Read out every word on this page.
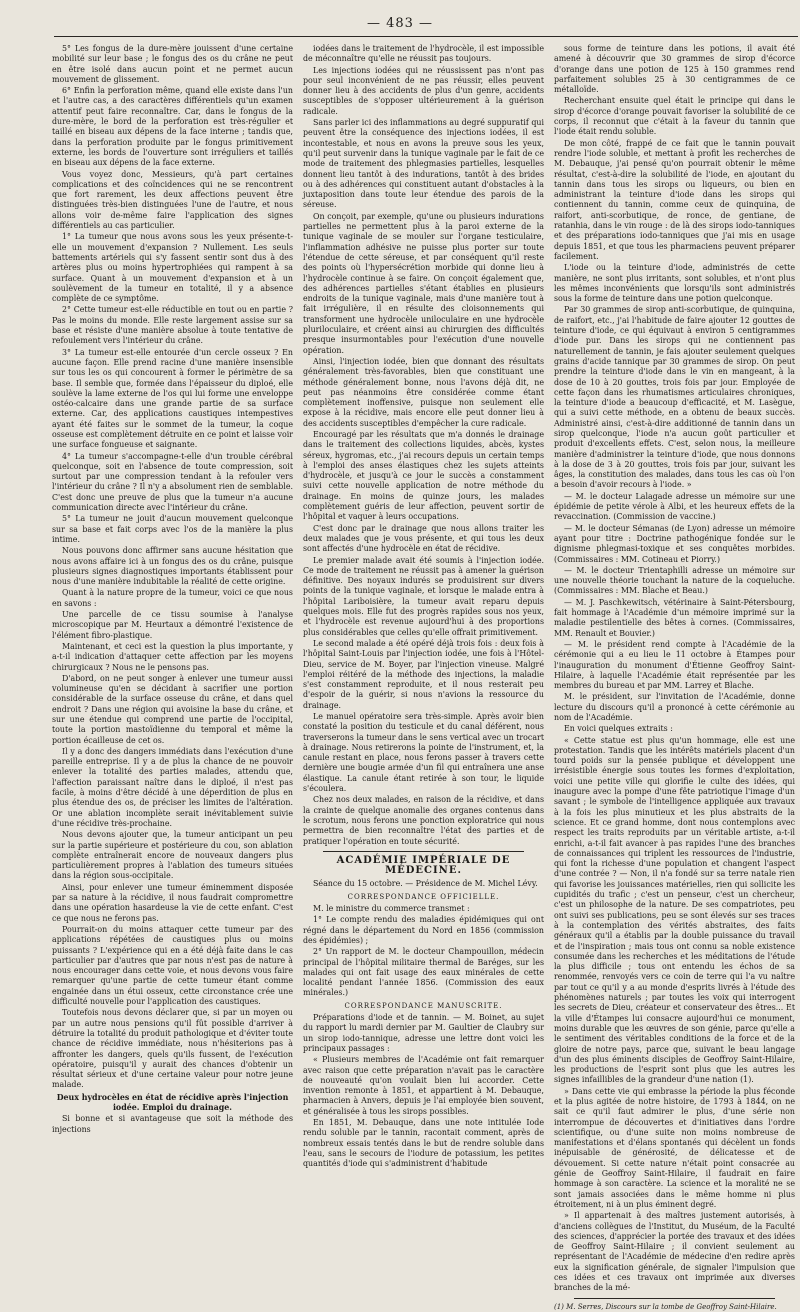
— 483 —

5° Les fongus de la dure-mère jouissent d'une certaine mobilité sur leur base ; le fongus des os du crâne ne peut en être isolé dans aucun point et ne permet aucun mouvement de glissement.

6° Enfin la perforation même, quand elle existe dans l'un et l'autre cas, a des caractères différentiels qu'un examen attentif peut faire reconnaître. Car, dans le fongus de la dure-mère, le bord de la perforation est très-régulier et taillé en biseau aux dépens de la face interne ; tandis que, dans la perforation produite par le fongus primitivement externe, les bords de l'ouverture sont irréguliers et taillés en biseau aux dépens de la face externe.

Vous voyez donc, Messieurs, qu'à part certaines complications et des coïncidences qui ne se rencontrent que fort rarement, les deux affections peuvent être distinguées très-bien distinguées l'une de l'autre, et nous allons voir de-même faire l'application des signes différentiels au cas particulier.

1° La tumeur que nous avons sous les yeux présente-t-elle un mouvement d'expansion ? Nullement. Les seuls battements artériels qui s'y fassent sentir sont dus à des artères plus ou moins hypertrophiées qui rampent à sa surface. Quant à un mouvement d'expansion et à un soulèvement de la tumeur en totalité, il y a absence complète de ce symptôme.

2° Cette tumeur est-elle réductible en tout ou en partie ? Pas le moins du monde. Elle reste largement assise sur sa base et résiste d'une manière absolue à toute tentative de refoulement vers l'intérieur du crâne.

3° La tumeur est-elle entourée d'un cercle osseux ? En aucune façon. Elle prend racine d'une manière insensible sur tous les os qui concourent à former le périmètre de sa base. Il semble que, formée dans l'épaisseur du diploé, elle soulève la lame externe de l'os qui lui forme une enveloppe ostéo-calcaire dans une grande partie de sa surface externe. Car, des applications caustiques intempestives ayant été faites sur le sommet de la tumeur, la coque osseuse est complètement détruite en ce point et laisse voir une surface fongueuse et saignante.

4° La tumeur s'accompagne-t-elle d'un trouble cérébral quelconque, soit en l'absence de toute compression, soit surtout par une compression tendant à la refouler vers l'intérieur du crâne ? Il n'y a absolument rien de semblable. C'est donc une preuve de plus que la tumeur n'a aucune communication directe avec l'intérieur du crâne.

5° La tumeur ne jouit d'aucun mouvement quelconque sur sa base et fait corps avec l'os de la manière la plus intime.

Nous pouvons donc affirmer sans aucune hésitation que nous avons affaire ici à un fongus des os du crâne, puisque plusieurs signes diagnostiques importants établissent pour nous d'une manière indubitable la réalité de cette origine.

Quant à la nature propre de la tumeur, voici ce que nous en savons :

Une parcelle de ce tissu soumise à l'analyse microscopique par M. Heurtaux a démontré l'existence de l'élément fibro-plastique.

Maintenant, et ceci est la question la plus importante, y a-t-il indication d'attaquer cette affection par les moyens chirurgicaux ? Nous ne le pensons pas.

D'abord, on ne peut songer à enlever une tumeur aussi volumineuse qu'en se décidant à sacrifier une portion considérable de la surface osseuse du crâne, et dans quel endroit ? Dans une région qui avoisine la base du crâne, et sur une étendue qui comprend une partie de l'occipital, toute la portion mastoïdienne du temporal et même la portion écailleuse de cet os.

Il y a donc des dangers immédiats dans l'exécution d'une pareille entreprise. Il y a de plus la chance de ne pouvoir enlever la totalité des parties malades, attendu que, l'affection paraissant naître dans le diploé, il n'est pas facile, à moins d'être décidé à une déperdition de plus en plus étendue des os, de préciser les limites de l'altération. Or une ablation incomplète serait inévitablement suivie d'une récidive très-prochaine.

Nous devons ajouter que, la tumeur anticipant un peu sur la partie supérieure et postérieure du cou, son ablation complète entraînerait encore de nouveaux dangers plus particulièrement propres à l'ablation des tumeurs situées dans la région sous-occipitale.

Ainsi, pour enlever une tumeur éminemment disposée par sa nature à la récidive, il nous faudrait compromettre dans une opération hasardeuse la vie de cette enfant. C'est ce que nous ne ferons pas.

Pourrait-on du moins attaquer cette tumeur par des applications répétées de caustiques plus ou moins puissants ? L'expérience qui en a été déjà faite dans le cas particulier par d'autres que par nous n'est pas de nature à nous encourager dans cette voie, et nous devons vous faire remarquer qu'une partie de cette tumeur étant comme engainée dans un étui osseux, cette circonstance crée une difficulté nouvelle pour l'application des caustiques.

Toutefois nous devons déclarer que, si par un moyen ou par un autre nous pensions qu'il fût possible d'arriver à détruire la totalité du produit pathologique et d'éviter toute chance de récidive immédiate, nous n'hésiterions pas à affronter les dangers, quels qu'ils fussent, de l'exécution opératoire, puisqu'il y aurait des chances d'obtenir un résultat sérieux et d'une certaine valeur pour notre jeune malade.

Deux hydrocèles en état de récidive après l'injection iodée. Emploi du drainage.

Si bonne et si avantageuse que soit la méthode des injections

iodées dans le traitement de l'hydrocèle, il est impossible de méconnaître qu'elle ne réussit pas toujours.

Les injections iodées qui ne réussissent pas n'ont pas pour seul inconvénient de ne pas réussir, elles peuvent donner lieu à des accidents de plus d'un genre, accidents susceptibles de s'opposer ultérieurement à la guérison radicale.

Sans parler ici des inflammations au degré suppuratif qui peuvent être la conséquence des injections iodées, il est incontestable, et nous en avons la preuve sous les yeux, qu'il peut survenir dans la tunique vaginale par le fait de ce mode de traitement des phlegmasies partielles, lesquelles donnent lieu tantôt à des indurations, tantôt à des brides ou à des adhérences qui constituent autant d'obstacles à la juxtaposition dans toute leur étendue des parois de la séreuse.

On conçoit, par exemple, qu'une ou plusieurs indurations partielles ne permettent plus à la paroi externe de la tunique vaginale de se mouler sur l'organe testiculaire, l'inflammation adhésive ne puisse plus porter sur toute l'étendue de cette séreuse, et par conséquent qu'il reste des points où l'hypersécrétion morbide qui donne lieu à l'hydrocèle continue à se faire. On conçoit également que, des adhérences partielles s'étant établies en plusieurs endroits de la tunique vaginale, mais d'une manière tout à fait irrégulière, il en résulte des cloisonnements qui transforment une hydrocèle uniloculaire en une hydrocèle pluriloculaire, et créent ainsi au chirurgien des difficultés presque insurmontables pour l'exécution d'une nouvelle opération.

Ainsi, l'injection iodée, bien que donnant des résultats généralement très-favorables, bien que constituant une méthode généralement bonne, nous l'avons déjà dit, ne peut pas néanmoins être considérée comme étant complètement inoffensive, puisque non seulement elle expose à la récidive, mais encore elle peut donner lieu à des accidents susceptibles d'empêcher la cure radicale.

Encouragé par les résultats que m'a donnés le drainage dans le traitement des collections liquides, abcès, kystes séreux, hygromas, etc., j'ai recours depuis un certain temps à l'emploi des anses élastiques chez les sujets atteints d'hydrocèle, et jusqu'à ce jour le succès a constamment suivi cette nouvelle application de notre méthode du drainage. En moins de quinze jours, les malades complètement guéris de leur affection, peuvent sortir de l'hôpital et vaquer à leurs occupations.

C'est donc par le drainage que nous allons traiter les deux malades que je vous présente, et qui tous les deux sont affectés d'une hydrocèle en état de récidive.

Le premier malade avait été soumis à l'injection iodée. Ce mode de traitement ne réussit pas à amener la guérison définitive. Des noyaux indurés se produisirent sur divers points de la tunique vaginale, et lorsque le malade entra à l'hôpital Lariboisière, la tumeur avait reparu depuis quelques mois. Elle fut des progrès rapides sous nos yeux, et l'hydrocèle est revenue aujourd'hui à des proportions plus considérables que celles qu'elle offrait primitivement.

Le second malade a été opéré déjà trois fois : deux fois à l'hôpital Saint-Louis par l'injection iodée, une fois à l'Hôtel-Dieu, service de M. Boyer, par l'injection vineuse. Malgré l'emploi réitéré de la méthode des injections, la maladie s'est constamment reproduite, et il nous resterait peu d'espoir de la guérir, si nous n'avions la ressource du drainage.

Le manuel opératoire sera très-simple. Après avoir bien constaté la position du testicule et du canal déférent, nous traverserons la tumeur dans le sens vertical avec un trocart à drainage. Nous retirerons la pointe de l'instrument, et, la canule restant en place, nous ferons passer à travers cette dernière une bougie armée d'un fil qui entraînera une anse élastique. La canule étant retirée à son tour, le liquide s'écoulera.

Chez nos deux malades, en raison de la récidive, et dans la crainte de quelque anomalie des organes contenus dans le scrotum, nous ferons une ponction exploratrice qui nous permettra de bien reconnaître l'état des parties et de pratiquer l'opération en toute sécurité.

ACADÉMIE IMPÉRIALE DE MÉDECINE.

Séance du 15 octobre. — Présidence de M. Michel Lévy.

CORRESPONDANCE OFFICIELLE.

M. le ministre du commerce transmet :

1° Le compte rendu des maladies épidémiques qui ont régné dans le département du Nord en 1856 (commission des épidémies) ;

2° Un rapport de M. le docteur Champouillon, médecin principal de l'hôpital militaire thermal de Baréges, sur les malades qui ont fait usage des eaux minérales de cette localité pendant l'année 1856. (Commission des eaux minérales.)

CORRESPONDANCE MANUSCRITE.

Préparations d'iode et de tannin. — M. Boinet, au sujet du rapport lu mardi dernier par M. Gaultier de Claubry sur un sirop iodo-tannique, adresse une lettre dont voici les principaux passages :

« Plusieurs membres de l'Académie ont fait remarquer avec raison que cette préparation n'avait pas le caractère de nouveauté qu'on voulait bien lui accorder. Cette invention remonte à 1851, et appartient à M. Debauque, pharmacien à Anvers, depuis je l'ai employée bien souvent, et généralisée à tous les sirops possibles.

En 1851, M. Debauque, dans une note intitulée Iode rendu soluble par le tannin, racontait comment, après de nombreux essais tentés dans le but de rendre soluble dans l'eau, sans le secours de l'iodure de potassium, les petites quantités d'iode qui s'administrent d'habitude

sous forme de teinture dans les potions, il avait été amené à découvrir que 30 grammes de sirop d'écorce d'orange dans une potion de 125 à 150 grammes rend parfaitement solubles 25 à 30 centigrammes de ce métalloïde.

Recherchant ensuite quel était le principe qui dans le sirop d'écorce d'orange pouvait favoriser la solubilité de ce corps, il reconnut que c'était à la faveur du tannin que l'iode était rendu soluble.

De mon côté, frappé de ce fait que le tannin pouvait rendre l'iode soluble, et mettant à profit les recherches de M. Debauque, j'ai pensé qu'on pourrait obtenir le même résultat, c'est-à-dire la solubilité de l'iode, en ajoutant du tannin dans tous les sirops ou liqueurs, ou bien en administrant la teinture d'iode dans les sirops qui contiennent du tannin, comme ceux de quinquina, de raifort, anti-scorbutique, de ronce, de gentiane, de ratanhia, dans le vin rouge : de là des sirops iodo-tanniques et des préparations iodo-tanniques que j'ai mis en usage depuis 1851, et que tous les pharmaciens peuvent préparer facilement.

L'iode ou la teinture d'iode, administrés de cette manière, ne sont plus irritants, sont solubles, et n'ont plus les mêmes inconvénients que lorsqu'ils sont administrés sous la forme de teinture dans une potion quelconque.

Par 30 grammes de sirop anti-scorbutique, de quinquina, de raifort, etc., j'ai l'habitude de faire ajouter 12 gouttes de teinture d'iode, ce qui équivaut à environ 5 centigrammes d'iode pur. Dans les sirops qui ne contiennent pas naturellement de tannin, je fais ajouter seulement quelques grains d'acide tannique par 30 grammes de sirop. On peut prendre la teinture d'iode dans le vin en mangeant, à la dose de 10 à 20 gouttes, trois fois par jour. Employée de cette façon dans les rhumatismes articulaires chroniques, la teinture d'iode a beaucoup d'efficacité, et M. Lasègue, qui a suivi cette méthode, en a obtenu de beaux succès. Administré ainsi, c'est-à-dire additionné de tannin dans un sirop quelconque, l'iode n'a aucun goût particulier et produit d'excellents effets. C'est, selon nous, la meilleure manière d'administrer la teinture d'iode, que nous donnons à la dose de 3 à 20 gouttes, trois fois par jour, suivant les âges, la constitution des malades, dans tous les cas où l'on a besoin d'avoir recours à l'iode. »

— M. le docteur Lalagade adresse un mémoire sur une épidémie de petite vérole à Albi, et les heureux effets de la revaccination. (Commission de vaccine.)

— M. le docteur Sémanas (de Lyon) adresse un mémoire ayant pour titre : Doctrine pathogénique fondée sur le dignisme phlegmasi-toxique et ses conquêtes morbides. (Commissaires : MM. Cotineau et Piorry.)

— M. le docteur Trientaphilli adresse un mémoire sur une nouvelle théorie touchant la nature de la coqueluche. (Commissaires : MM. Blache et Beau.)

— M. J. Paschkewitsch, vétérinaire à Saint-Pétersbourg, fait hommage à l'Académie d'un mémoire imprimé sur la maladie pestilentielle des bêtes à cornes. (Commissaires, MM. Renault et Bouvier.)

— M. le président rend compte à l'Académie de la cérémonie qui a eu lieu le 11 octobre à Étampes pour l'inauguration du monument d'Étienne Geoffroy Saint-Hilaire, à laquelle l'Académie était représentée par les membres du bureau et par MM. Larrey et Blache.

M. le président, sur l'invitation de l'Académie, donne lecture du discours qu'il a prononcé à cette cérémonie au nom de l'Académie.

En voici quelques extraits :

« Cette statue est plus qu'un hommage, elle est une protestation. Tandis que les intérêts matériels placent d'un tourd poids sur la pensée publique et développent une irrésistible énergie sous toutes les formes d'exploitation, voici une petite ville qui glorifie le culte des idées, qui inaugure avec la pompe d'une fête patriotique l'image d'un savant ; le symbole de l'intelligence appliquée aux travaux à la fois les plus minutieux et les plus abstraits de la science. Et ce grand homme, dont nous contemplons avec respect les traits reproduits par un véritable artiste, a-t-il enrichi, a-t-il fait avancer à pas rapides l'une des branches de connaissances qui triplent les ressources de l'industrie, qui font la richesse d'une population et changent l'aspect d'une contrée ? — Non, il n'a fondé sur sa terre natale rien qui favorise les jouissances matérielles, rien qui sollicite les cupidités du trafic ; c'est un penseur, c'est un chercheur, c'est un philosophe de la nature. De ses compatriotes, peu ont suivi ses publications, peu se sont élevés sur ses traces à la contemplation des vérités abstraites, des faits généraux qu'il a établis par la double puissance du travail et de l'inspiration ; mais tous ont connu sa noble existence consumée dans les recherches et les méditations de l'étude la plus difficile ; tous ont entendu les échos de sa renommée, renvoyés vers ce coin de terre qui l'a vu naître par tout ce qu'il y a au monde d'esprits livrés à l'étude des phénomènes naturels ; par toutes les voix qui interrogent les secrets de Dieu, créateur et conservateur des êtres... Et la ville d'Étampes lui consacre aujourd'hui ce monument, moins durable que les œuvres de son génie, parce qu'elle a le sentiment des véritables conditions de la force et de la gloire de notre pays, parce que, suivant le beau langage d'un des plus éminents disciples de Geoffroy Saint-Hilaire, les productions de l'esprit sont plus que les autres les signes infaillibles de la grandeur d'une nation (1).

» Dans cette vie qui embrasse la période la plus féconde et la plus agitée de notre histoire, de 1793 à 1844, on ne sait ce qu'il faut admirer le plus, d'une série non interrompue de découvertes et d'initiatives dans l'ordre scientifique, ou d'une suite non moins nombreuse de manifestations et d'élans spontanés qui décèlent un fonds inépuisable de générosité, de délicatesse et de dévouement. Si cette nature n'était point consacrée au génie de Geoffroy Saint-Hilaire, il faudrait en faire hommage à son caractère. La science et la moralité ne se sont jamais associées dans le même homme ni plus étroitement, ni à un plus éminent degré.

» Il appartenait à des maîtres justement autorisés, à d'anciens collègues de l'Institut, du Muséum, de la Faculté des sciences, d'apprécier la portée des travaux et des idées de Geoffroy Saint-Hilaire ; il convient seulement au représentant de l'Académie de médecine d'en redire après eux la signification générale, de signaler l'impulsion que ces idées et ces travaux ont imprimée aux diverses branches de la mé-

(1) M. Serres, Discours sur la tombe de Geoffroy Saint-Hilaire.
